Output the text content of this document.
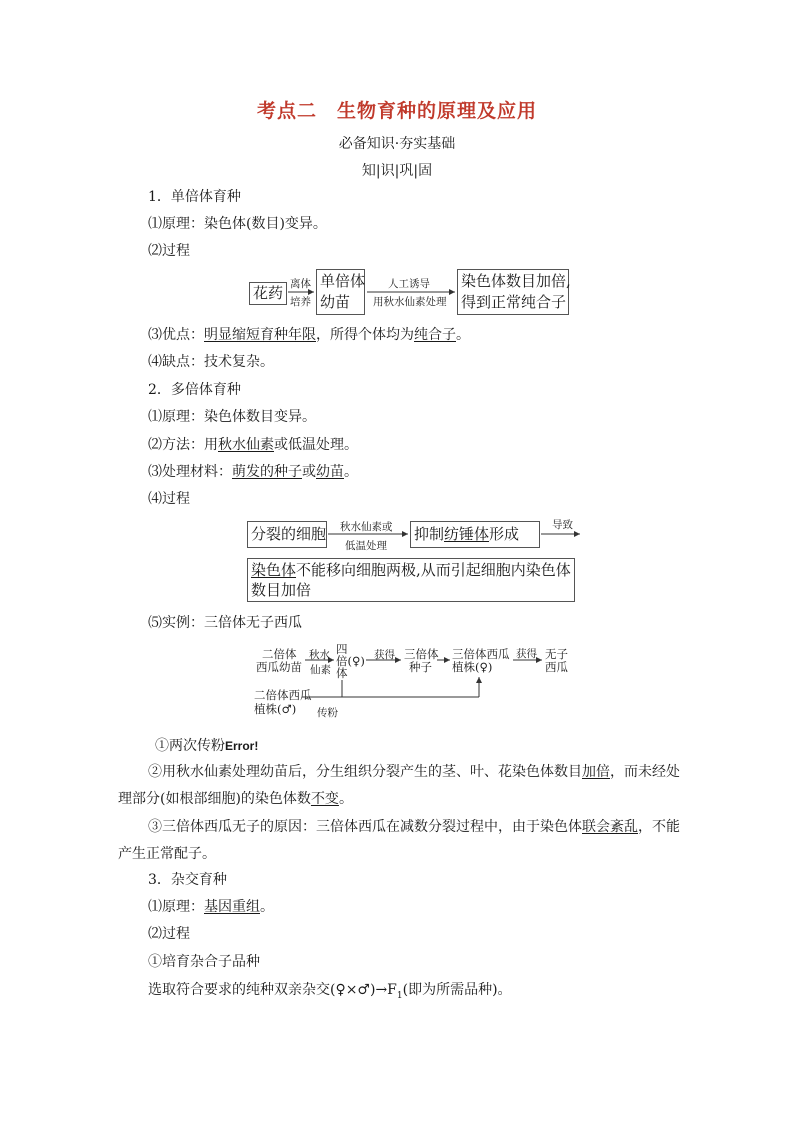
考点二　生物育种的原理及应用
必备知识·夯实基础
知|识|巩|固
1．单倍体育种
⑴原理：染色体(数目)变异。
⑵过程
花药 离体
培养
单倍体
幼苗
人工诱导
用秋水仙素处理
染色体数目加倍,
得到正常纯合子
⑶优点：明显缩短育种年限，所得个体均为纯合子。
⑷缺点：技术复杂。
2．多倍体育种
⑴原理：染色体数目变异。
⑵方法：用秋水仙素或低温处理。
⑶处理材料：萌发的种子或幼苗。
⑷过程
分裂的细胞 秋水仙素或
低温处理
抑制纺锤体形成	导致
染色体不能移向细胞两极,从而引起细胞内染色体
数目加倍
⑸实例：三倍体无子西瓜
二倍体
西瓜幼苗
秋水
仙素
四
倍(♀)
体
获得 三倍体
种子
三倍体西瓜
植株(♀)
获得 无子
西瓜
二倍体西瓜
植株(♂) 传粉
①两次传粉Error!
②用秋水仙素处理幼苗后，分生组织分裂产生的茎、叶、花染色体数目加倍，而未经处
理部分(如根部细胞)的染色体数不变。
③三倍体西瓜无子的原因：三倍体西瓜在减数分裂过程中，由于染色体联会紊乱，不能
产生正常配子。
3．杂交育种
⑴原理：基因重组。
⑵过程
①培育杂合子品种
选取符合要求的纯种双亲杂交$(♀\times♂)\to F_1$(即为所需品种)。
